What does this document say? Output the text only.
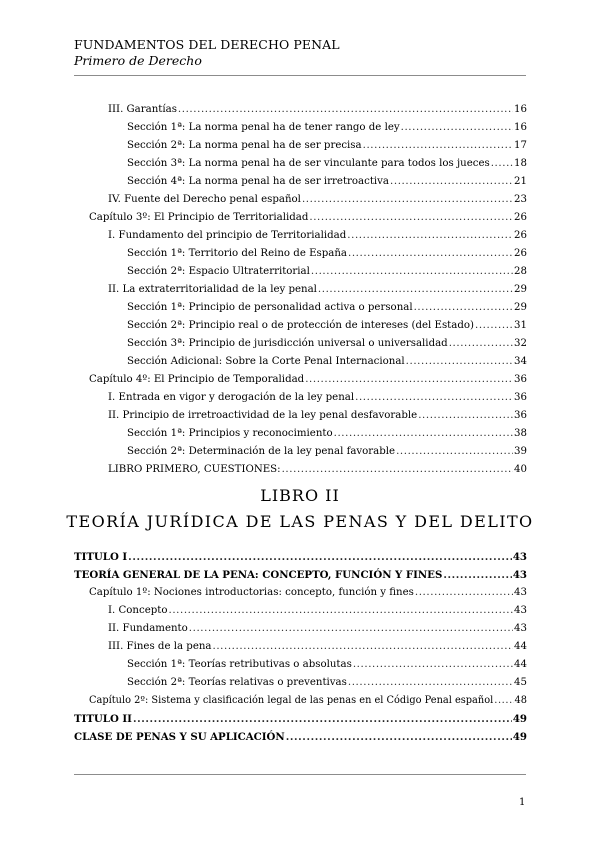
FUNDAMENTOS DEL DERECHO PENAL
Primero de Derecho
III. Garantías .....	16
Sección 1ª: La norma penal ha de tener rango de ley .....	16
Sección 2ª: La norma penal ha de ser precisa .....	17
Sección 3ª: La norma penal ha de ser vinculante para todos los jueces ..... 18
Sección 4ª: La norma penal ha de ser irretroactiva .....	21
IV. Fuente del Derecho penal español .....	23
Capítulo 3º: El Principio de Territorialidad .....	26
I. Fundamento del principio de Territorialidad .....	26
Sección 1ª: Territorio del Reino de España .....	26
Sección 2ª: Espacio Ultraterritorial .....	28
II. La extraterritorialidad de la ley penal .....	29
Sección 1ª: Principio de personalidad activa o personal .....	29
Sección 2ª: Principio real o de protección de intereses (del Estado) .....	31
Sección 3ª: Principio de jurisdicción universal o universalidad .....	32
Sección Adicional: Sobre la Corte Penal Internacional .....	34
Capítulo 4º: El Principio de Temporalidad .....	36
I. Entrada en vigor y derogación de la ley penal .....	36
II. Principio de irretroactividad de la ley penal desfavorable .....	36
Sección 1ª: Principios y reconocimiento .....	38
Sección 2ª: Determinación de la ley penal favorable .....	39
LIBRO PRIMERO, CUESTIONES: .....	40
LIBRO II
TEORÍA JURÍDICA DE LAS PENAS Y DEL DELITO
TITULO I .....	43
TEORÍA GENERAL DE LA PENA: CONCEPTO, FUNCIÓN Y FINES .....	43
Capítulo 1º: Nociones introductorias: concepto, función y fines .....	43
I. Concepto .....	43
II. Fundamento .....	43
III. Fines de la pena .....	44
Sección 1ª: Teorías retributivas o absolutas .....	44
Sección 2ª: Teorías relativas o preventivas .....	45
Capítulo 2º: Sistema y clasificación legal de las penas en el Código Penal español ..... 48
TITULO II .....	49
CLASE DE PENAS Y SU APLICACIÓN .....	49
1
